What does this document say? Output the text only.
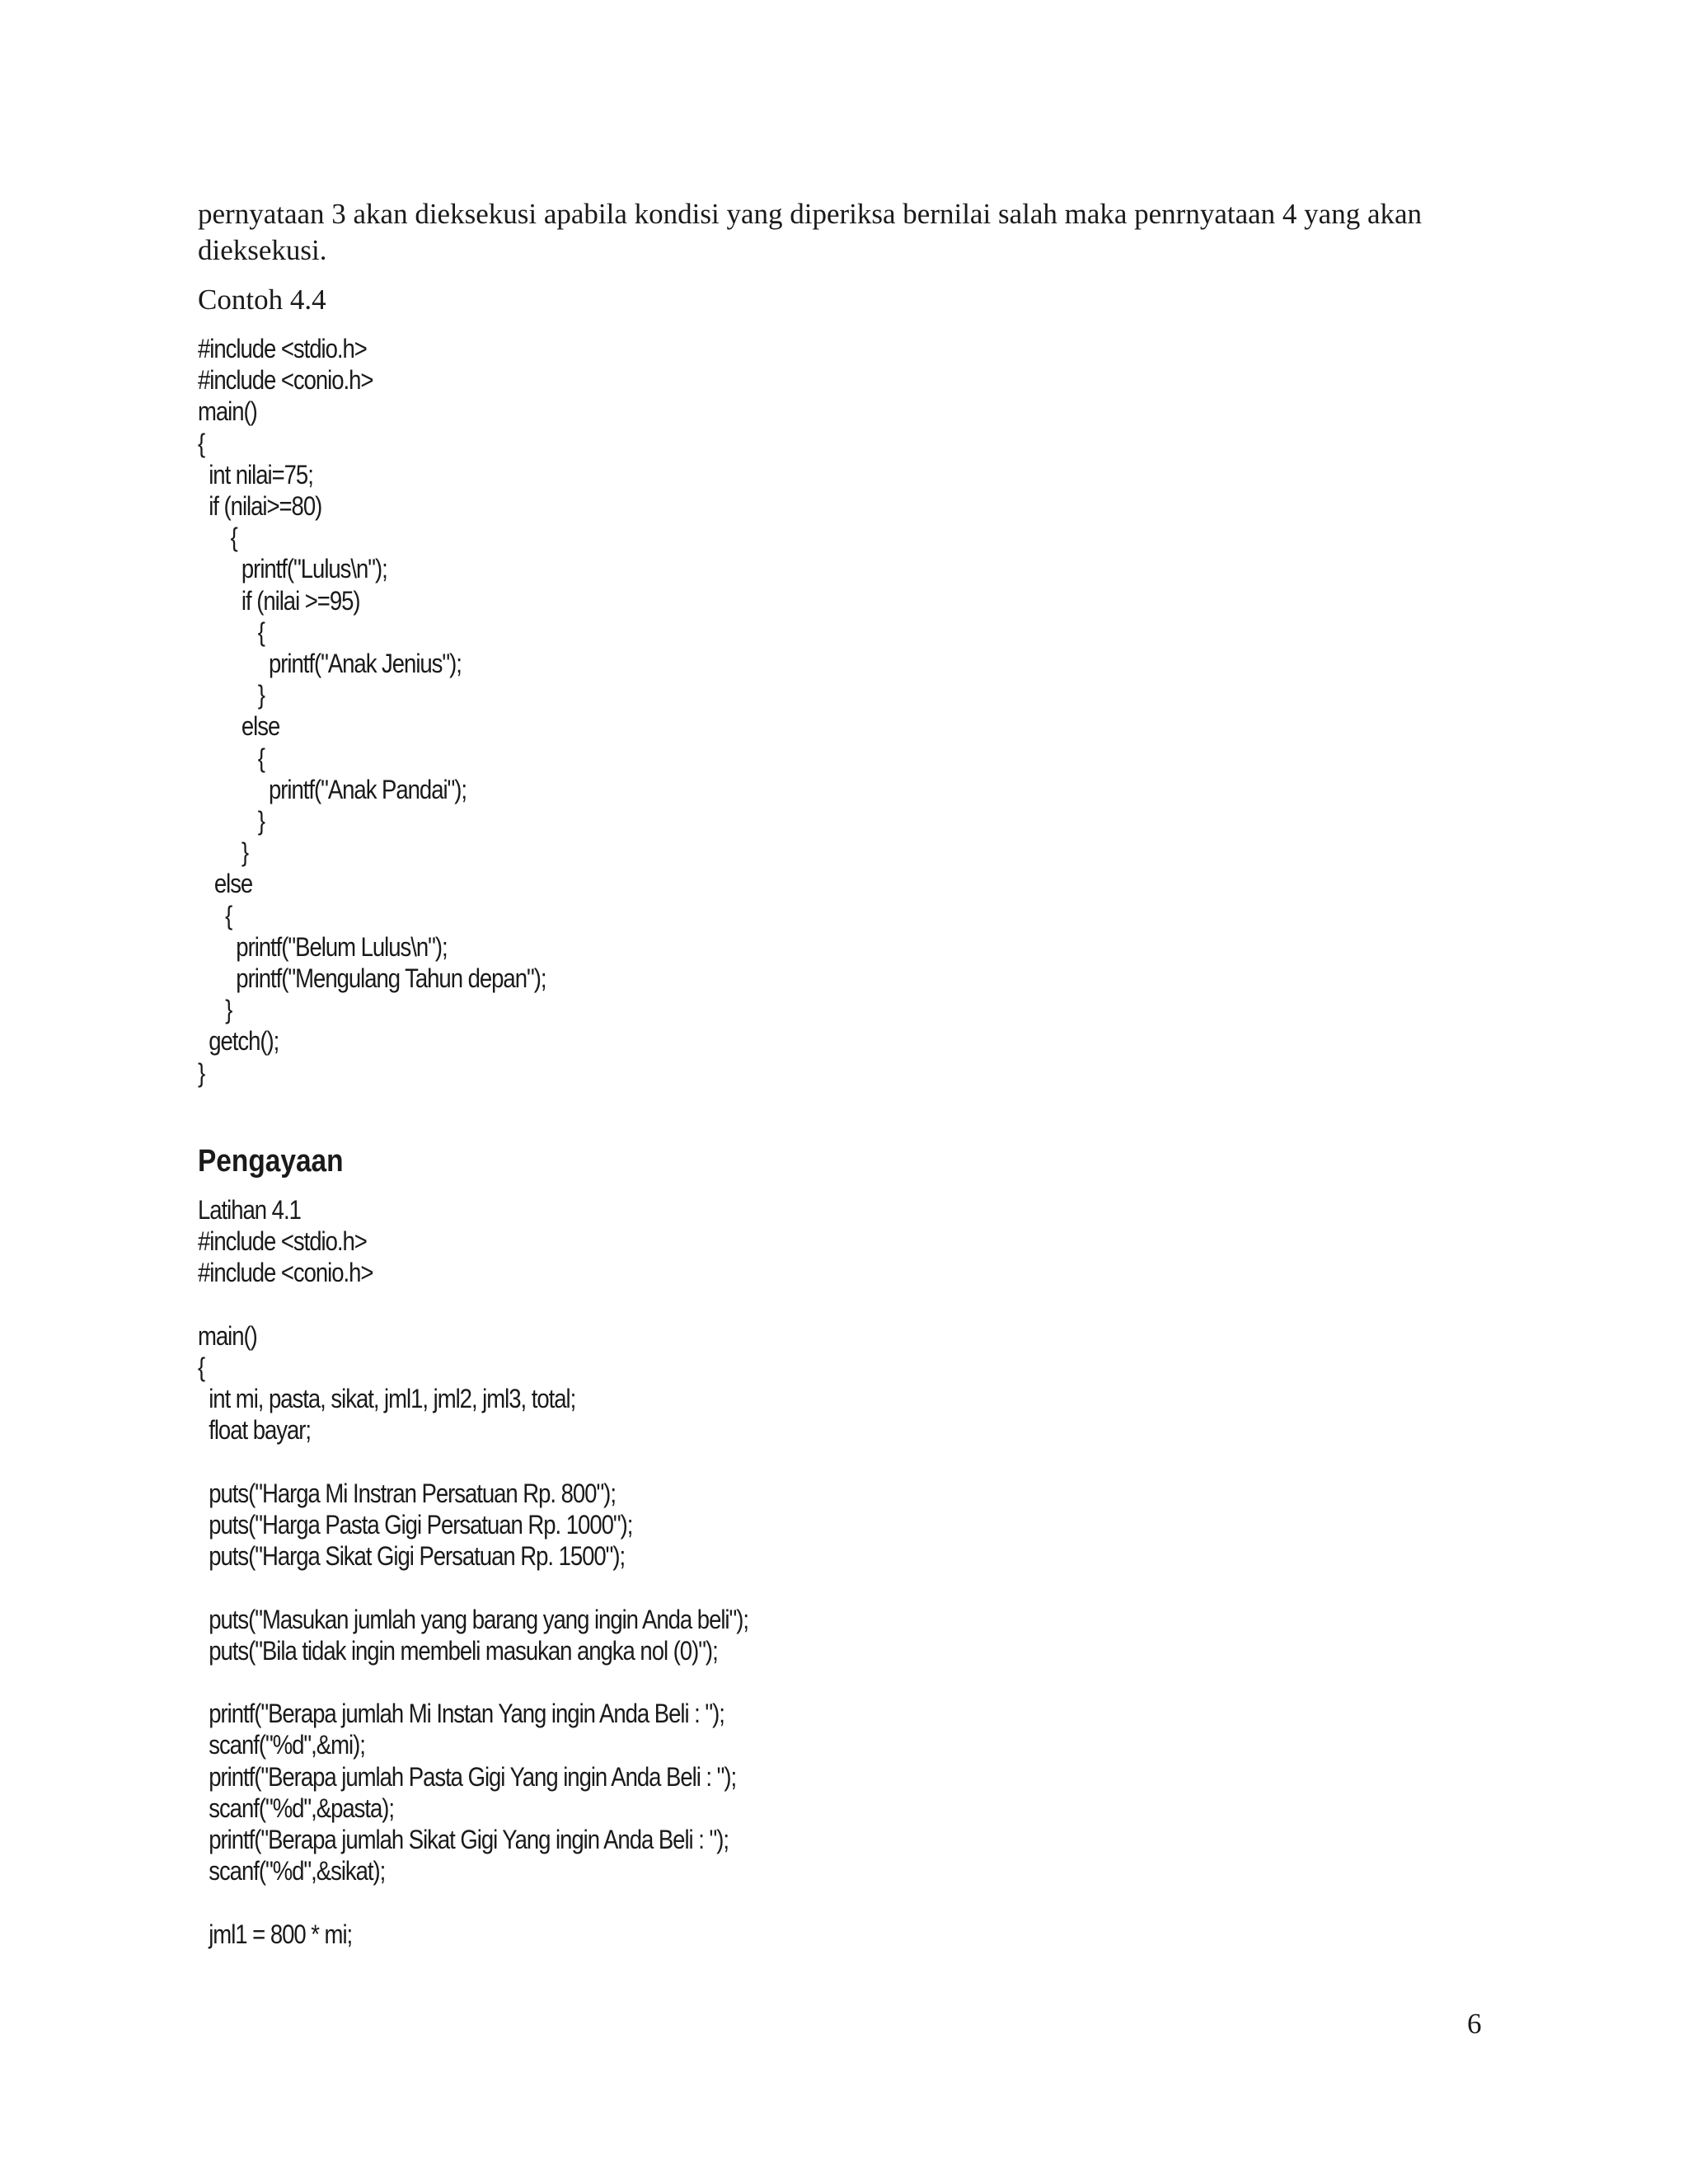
pernyataan 3 akan dieksekusi apabila kondisi yang diperiksa bernilai salah maka penrnyataan 4 yang akan dieksekusi.

Contoh 4.4

#include <stdio.h>
#include <conio.h>
main()
{
int nilai=75;
if (nilai>=80)
{
printf("Lulus\n");
if (nilai >=95)
{
printf("Anak Jenius");
}
else
{
printf("Anak Pandai");
}
}
else
{
printf("Belum Lulus\n");
printf("Mengulang Tahun depan");
}
getch();
}
Pengayaan
Latihan 4.1
#include <stdio.h>
#include <conio.h>

main()
{
int mi, pasta, sikat, jml1, jml2, jml3, total;
float bayar;

puts("Harga Mi Instran Persatuan Rp. 800");
puts("Harga Pasta Gigi Persatuan Rp. 1000");
puts("Harga Sikat Gigi Persatuan Rp. 1500");

puts("Masukan jumlah yang barang yang ingin Anda beli");
puts("Bila tidak ingin membeli masukan angka nol (0)");

printf("Berapa jumlah Mi Instan Yang ingin Anda Beli : ");
scanf("%d",&mi);
printf("Berapa jumlah Pasta Gigi Yang ingin Anda Beli : ");
scanf("%d",&pasta);
printf("Berapa jumlah Sikat Gigi Yang ingin Anda Beli : ");
scanf("%d",&sikat);

jml1 = 800 * mi;

6
